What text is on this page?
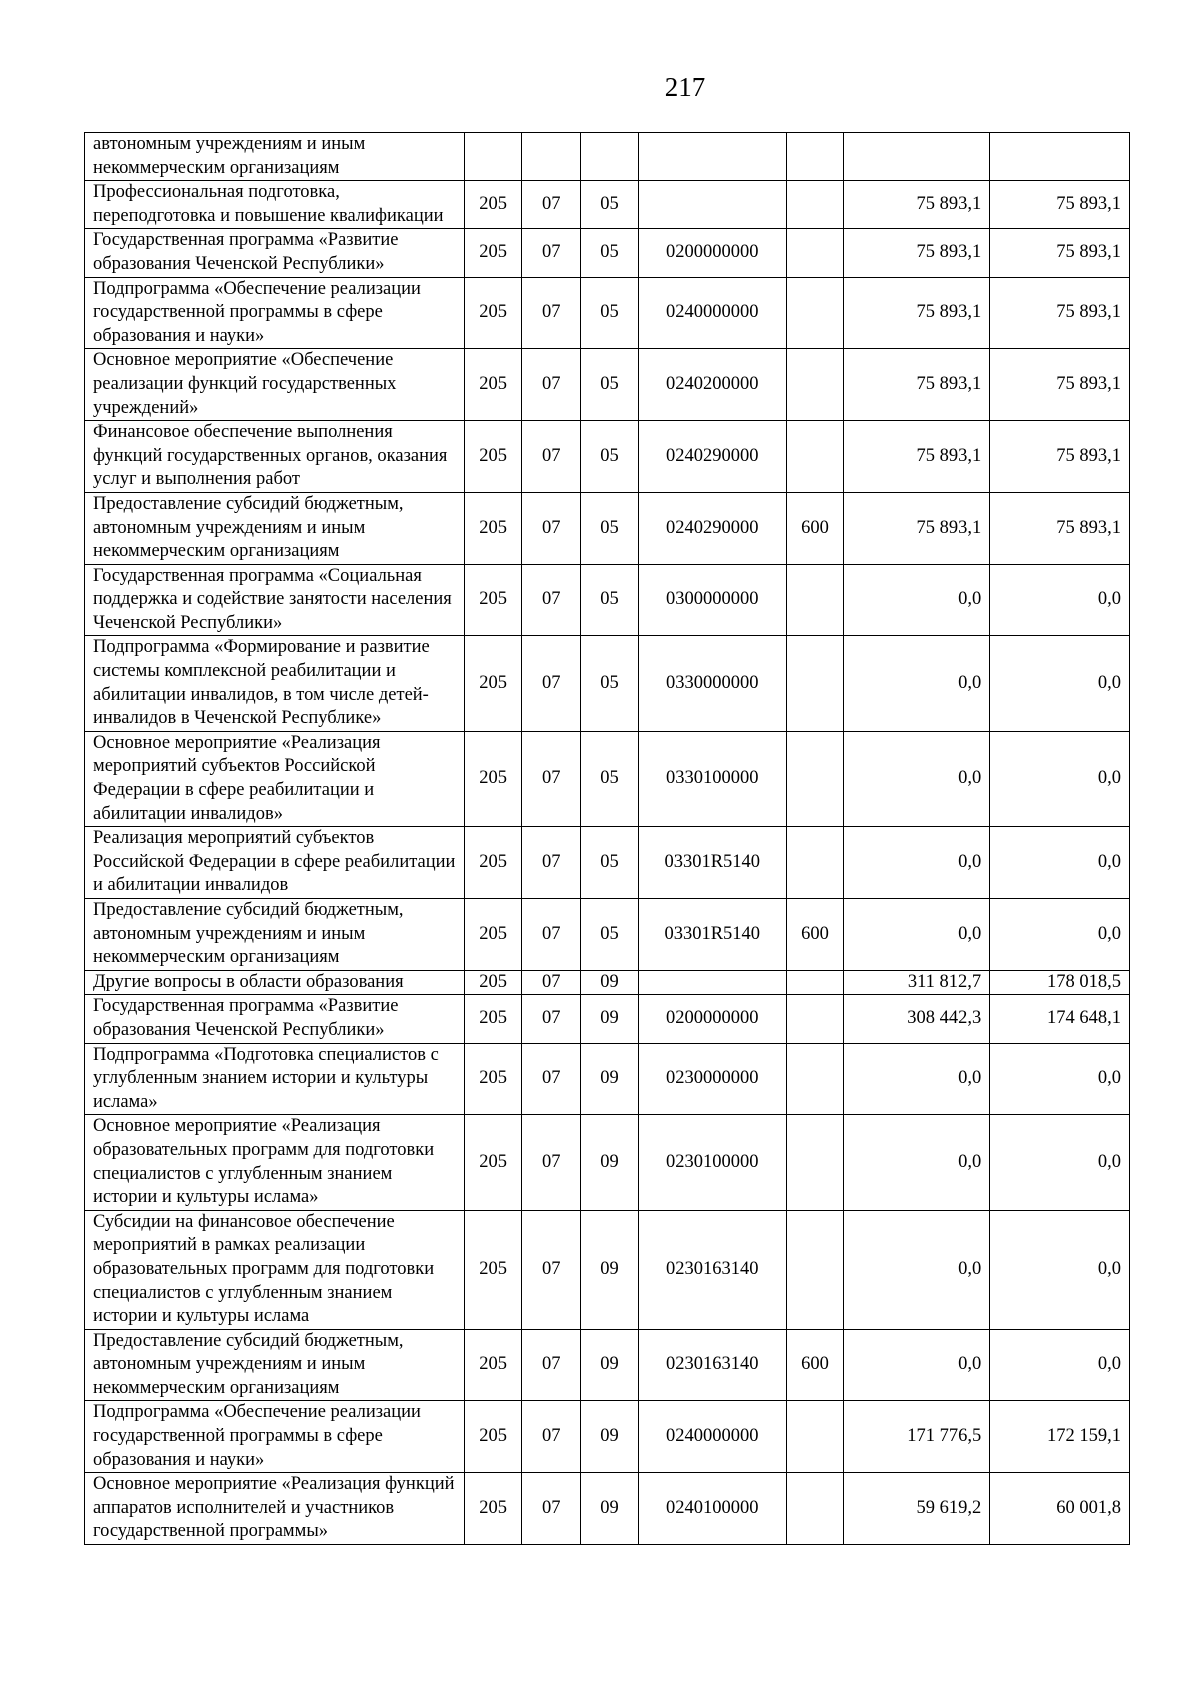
217
автономным учреждениям и иным некоммерческим организациям							
Профессиональная подготовка, переподготовка и повышение квалификации	205	07	05			75 893,1	75 893,1
Государственная программа «Развитие образования Чеченской Республики»	205	07	05	0200000000		75 893,1	75 893,1
Подпрограмма «Обеспечение реализации государственной программы в сфере образования и науки»	205	07	05	0240000000		75 893,1	75 893,1
Основное мероприятие «Обеспечение реализации функций государственных учреждений»	205	07	05	0240200000		75 893,1	75 893,1
Финансовое обеспечение выполнения функций государственных органов, оказания услуг и выполнения работ	205	07	05	0240290000		75 893,1	75 893,1
Предоставление субсидий бюджетным, автономным учреждениям и иным некоммерческим организациям	205	07	05	0240290000	600	75 893,1	75 893,1
Государственная программа «Социальная поддержка и содействие занятости населения Чеченской Республики»	205	07	05	0300000000		0,0	0,0
Подпрограмма «Формирование и развитие системы комплексной реабилитации и абилитации инвалидов, в том числе детей-инвалидов в Чеченской Республике»	205	07	05	0330000000		0,0	0,0
Основное мероприятие «Реализация мероприятий субъектов Российской Федерации в сфере реабилитации и абилитации инвалидов»	205	07	05	0330100000		0,0	0,0
Реализация мероприятий субъектов Российской Федерации в сфере реабилитации и абилитации инвалидов	205	07	05	03301R5140		0,0	0,0
Предоставление субсидий бюджетным, автономным учреждениям и иным некоммерческим организациям	205	07	05	03301R5140	600	0,0	0,0
Другие вопросы в области образования	205	07	09			311 812,7	178 018,5
Государственная программа «Развитие образования Чеченской Республики»	205	07	09	0200000000		308 442,3	174 648,1
Подпрограмма «Подготовка специалистов с углубленным знанием истории и культуры ислама»	205	07	09	0230000000		0,0	0,0
Основное мероприятие «Реализация образовательных программ для подготовки специалистов с углубленным знанием истории и культуры ислама»	205	07	09	0230100000		0,0	0,0
Субсидии на финансовое обеспечение мероприятий в рамках реализации образовательных программ для подготовки специалистов с углубленным знанием истории и культуры ислама	205	07	09	0230163140		0,0	0,0
Предоставление субсидий бюджетным, автономным учреждениям и иным некоммерческим организациям	205	07	09	0230163140	600	0,0	0,0
Подпрограмма «Обеспечение реализации государственной программы в сфере образования и науки»	205	07	09	0240000000		171 776,5	172 159,1
Основное мероприятие «Реализация функций аппаратов исполнителей и участников государственной программы»	205	07	09	0240100000		59 619,2	60 001,8
